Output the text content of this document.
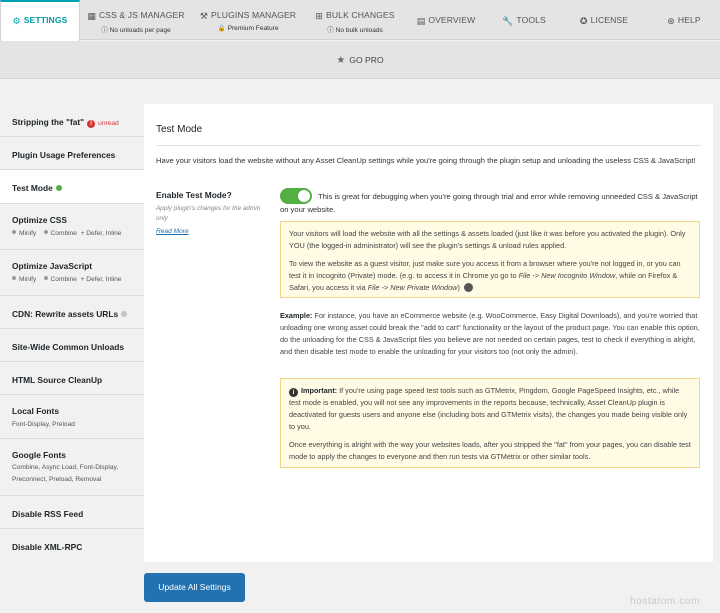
⚙ SETTINGS	▦ CSS & JS MANAGER
ⓘ No unloads per page
⚒ PLUGINS MANAGER
🔒 Premium Feature
⊞ BULK CHANGES
ⓘ No bulk unloads
▤ OVERVIEW	🔧 TOOLS	✪ LICENSE	⊛ HELP
★ GO PRO
Stripping the "fat" ! unread
Plugin Usage Preferences
Test Mode
Optimize CSS
Minify Combine + Defer, Inline
Optimize JavaScript
Minify Combine + Defer, Inline
CDN: Rewrite assets URLs
Site-Wide Common Unloads
HTML Source CleanUp
Local Fonts
Font-Display, Preload
Google Fonts
Combine, Async Load, Font-Display,
Preconnect, Preload, Removal
Disable RSS Feed
Disable XML-RPC
Test Mode
Have your visitors load the website without any Asset CleanUp settings while you're going through the plugin setup and unloading the useless CSS & JavaScript!
Enable Test Mode?
Apply plugin's changes for the admin only
Read More
This is great for debugging when you're going through trial and error while removing unneeded CSS & JavaScript on your website.

Your visitors will load the website with all the settings & assets loaded (just like it was before you activated the plugin). Only YOU (the logged-in administrator) will see the plugin's settings & unload rules applied.

To view the website as a guest visitor, just make sure you access it from a browser where you're not logged in, or you can test it in Incognito (Private) mode. (e.g. to access it in Chrome yo go to File -> New Incognito Window, while on Firefox & Safari, you access it via File -> New Private Window)

Example: For instance, you have an eCommerce website (e.g. WooCommerce, Easy Digital Downloads), and you're worried that unloading one wrong asset could break the "add to cart" functionality or the layout of the product page. You can enable this option, do the unloading for the CSS & JavaScript files you believe are not needed on certain pages, test to check if everything is alright, and then disable test mode to enable the unloading for your visitors too (not only the admin).

i Important: If you're using page speed test tools such as GTMetrix, Pingdom, Google PageSpeed Insights, etc., while test mode is enabled, you will not see any improvements in the reports because, technically, Asset CleanUp plugin is deactivated for guests users and anyone else (including bots and GTMetrix visits), the changes you made being visible only to you.

Once everything is alright with the way your websites loads, after you stripped the "fat" from your pages, you can disable test mode to apply the changes to everyone and then run tests via GTMetrix or other similar tools.

Update All Settings
hostatom.com
